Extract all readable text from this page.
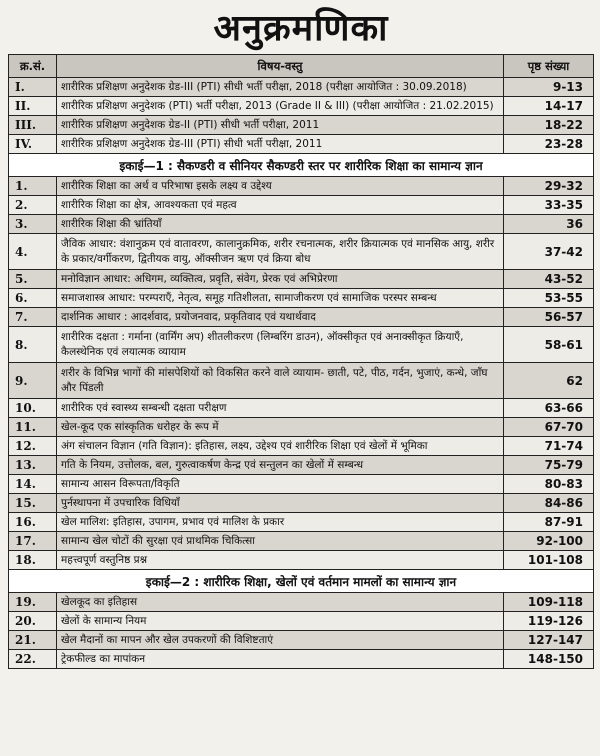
अनुक्रमणिका
क्र.सं.	विषय-वस्तु	पृष्ठ संख्या
I.	शारीरिक प्रशिक्षण अनुदेशक ग्रेड-III (PTI) सीधी भर्ती परीक्षा, 2018 (परीक्षा आयोजित : 30.09.2018)	9-13
II.	शारीरिक प्रशिक्षण अनुदेशक (PTI) भर्ती परीक्षा, 2013 (Grade II & III) (परीक्षा आयोजित : 21.02.2015)	14-17
III.	शारीरिक प्रशिक्षण अनुदेशक ग्रेड-II (PTI) सीधी भर्ती परीक्षा, 2011	18-22
IV.	शारीरिक प्रशिक्षण अनुदेशक ग्रेड-III (PTI) सीधी भर्ती परीक्षा, 2011	23-28
इकाई—1 : सैकण्डरी व सीनियर सैकण्डरी स्तर पर शारीरिक शिक्षा का सामान्य ज्ञान		
1.	शारीरिक शिक्षा का अर्थ व परिभाषा इसके लक्ष्य व उद्देश्य	29-32
2.	शारीरिक शिक्षा का क्षेत्र, आवश्यकता एवं महत्व	33-35
3.	शारीरिक शिक्षा की भ्रांतियाँ	36
4.	जैविक आधार: वंशानुक्रम एवं वातावरण, कालानुक्रमिक, शरीर रचनात्मक, शरीर क्रियात्मक एवं मानसिक आयु, शरीर के प्रकार/वर्गीकरण, द्वितीयक वायु, ऑक्सीजन ऋण एवं क्रिया बोध	37-42
5.	मनोविज्ञान आधार: अधिगम, व्यक्तित्व, प्रवृति, संवेग, प्रेरक एवं अभिप्रेरणा	43-52
6.	समाजशास्त्र आधार: परम्पराएँ, नेतृत्व, समूह गतिशीलता, सामाजीकरण एवं सामाजिक परस्पर सम्बन्ध	53-55
7.	दार्शनिक आधार : आदर्शवाद, प्रयोजनवाद, प्रकृतिवाद एवं यथार्थवाद	56-57
8.	शारीरिक दक्षता : गर्माना (वार्मिंग अप) शीतलीकरण (लिम्बरिंग डाउन), ऑक्सीकृत एवं अनाक्सीकृत क्रियाएँ, कैलस्थेनिक एवं लयात्मक व्यायाम	58-61
9.	शरीर के विभिन्न भागों की मांसपेशियों को विकसित करने वाले व्यायाम- छाती, पटे, पीठ, गर्दन, भुजाएं, कन्धे, जाँघ और पिंडली	62
10.	शारीरिक एवं स्वास्थ्य सम्बन्धी दक्षता परीक्षण	63-66
11.	खेल-कूद एक सांस्कृतिक धरोहर के रूप में	67-70
12.	अंग संचालन विज्ञान (गति विज्ञान): इतिहास, लक्ष्य, उद्देश्य एवं शारीरिक शिक्षा एवं खेलों में भूमिका	71-74
13.	गति के नियम, उत्तोलक, बल, गुरुत्वाकर्षण केन्द्र एवं सन्तुलन का खेलों में सम्बन्ध	75-79
14.	सामान्य आसन विरूपता/विकृति	80-83
15.	पुर्नस्थापना में उपचारिक विधियाँ	84-86
16.	खेल मालिश: इतिहास, उपागम, प्रभाव एवं मालिश के प्रकार	87-91
17.	सामान्य खेल चोटों की सुरक्षा एवं प्राथमिक चिकित्सा	92-100
18.	महत्त्वपूर्ण वस्तुनिष्ठ प्रश्न	101-108
इकाई—2 : शारीरिक शिक्षा, खेलों एवं वर्तमान मामलों का सामान्य ज्ञान		
19.	खेलकूद का इतिहास	109-118
20.	खेलों के सामान्य नियम	119-126
21.	खेल मैदानों का मापन और खेल उपकरणों की विशिष्टताएं	127-147
22.	ट्रेकफील्ड का मापांकन	148-150
